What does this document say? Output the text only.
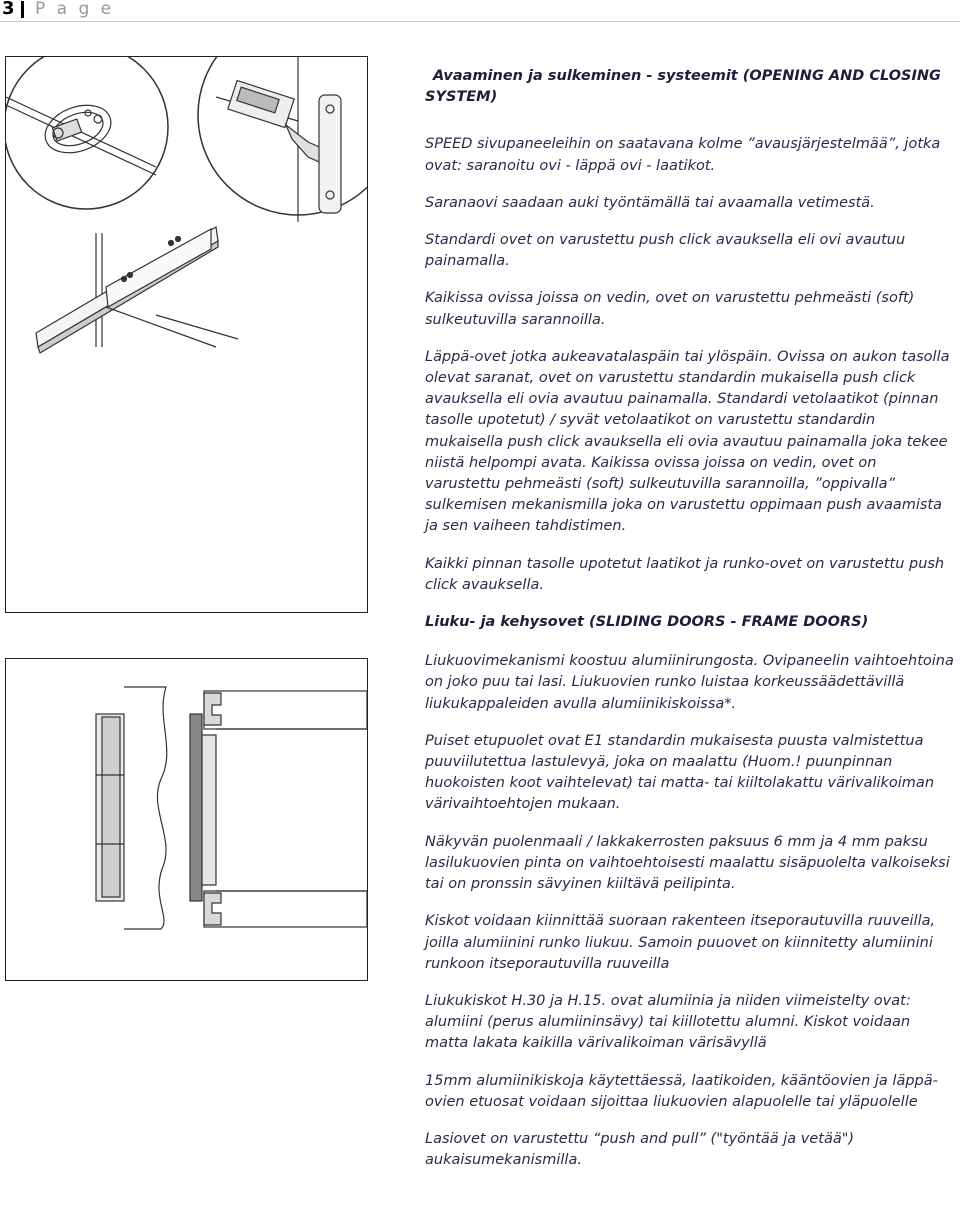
3 P a g e
Avaaminen ja sulkeminen - systeemit (OPENING AND CLOSING SYSTEM)

SPEED sivupaneeleihin on saatavana kolme ”avausjärjestelmää”, jotka ovat: saranoitu ovi - läppä ovi - laatikot.

Saranaovi saadaan auki työntämällä tai avaamalla vetimestä.

Standardi ovet on varustettu push click avauksella eli ovi avautuu painamalla.

Kaikissa ovissa joissa on vedin, ovet on varustettu pehmeästi (soft) sulkeutuvilla sarannoilla.

Läppä-ovet jotka aukeavatalaspäin tai ylöspäin. Ovissa on aukon tasolla olevat saranat, ovet on varustettu standardin mukaisella push click avauksella eli ovia avautuu painamalla. Standardi vetolaatikot (pinnan tasolle upotetut) / syvät vetolaatikot on varustettu standardin mukaisella push click avauksella eli ovia avautuu painamalla joka tekee niistä helpompi avata. Kaikissa ovissa joissa on vedin, ovet on varustettu pehmeästi (soft) sulkeutuvilla sarannoilla, ”oppivalla” sulkemisen mekanismilla joka on varustettu oppimaan push avaamista ja sen vaiheen tahdistimen.

Kaikki pinnan tasolle upotetut laatikot ja runko-ovet on varustettu push click avauksella.

Liuku- ja kehysovet (SLIDING DOORS - FRAME DOORS)

Liukuovimekanismi koostuu alumiinirungosta. Ovipaneelin vaihtoehtoina on joko puu tai lasi. Liukuovien runko luistaa korkeussäädettävillä liukukappaleiden avulla alumiinikiskoissa*.

Puiset etupuolet ovat E1 standardin mukaisesta puusta valmistettua puuviilutettua lastulevyä, joka on maalattu (Huom.! puunpinnan huokoisten koot vaihtelevat) tai matta- tai kiiltolakattu värivalikoiman värivaihtoehtojen mukaan.

Näkyvän puolenmaali / lakkakerrosten paksuus 6 mm ja 4 mm paksu lasilukuovien pinta on vaihtoehtoisesti maalattu sisäpuolelta valkoiseksi tai on pronssin sävyinen kiiltävä peilipinta.

Kiskot voidaan kiinnittää suoraan rakenteen itseporautuvilla ruuveilla, joilla alumiinini runko liukuu. Samoin puuovet on kiinnitetty alumiinini runkoon itseporautuvilla ruuveilla

Liukukiskot H.30 ja H.15. ovat alumiinia ja niiden viimeistelty ovat: alumiini (perus alumiininsävy) tai kiillotettu alumni. Kiskot voidaan matta lakata kaikilla värivalikoiman värisävyllä

15mm alumiinikiskoja käytettäessä, laatikoiden, kääntöovien ja läppä-ovien etuosat voidaan sijoittaa liukuovien alapuolelle tai yläpuolelle

Lasiovet on varustettu “push and pull” ("työntää ja vetää") aukaisumekanismilla.
